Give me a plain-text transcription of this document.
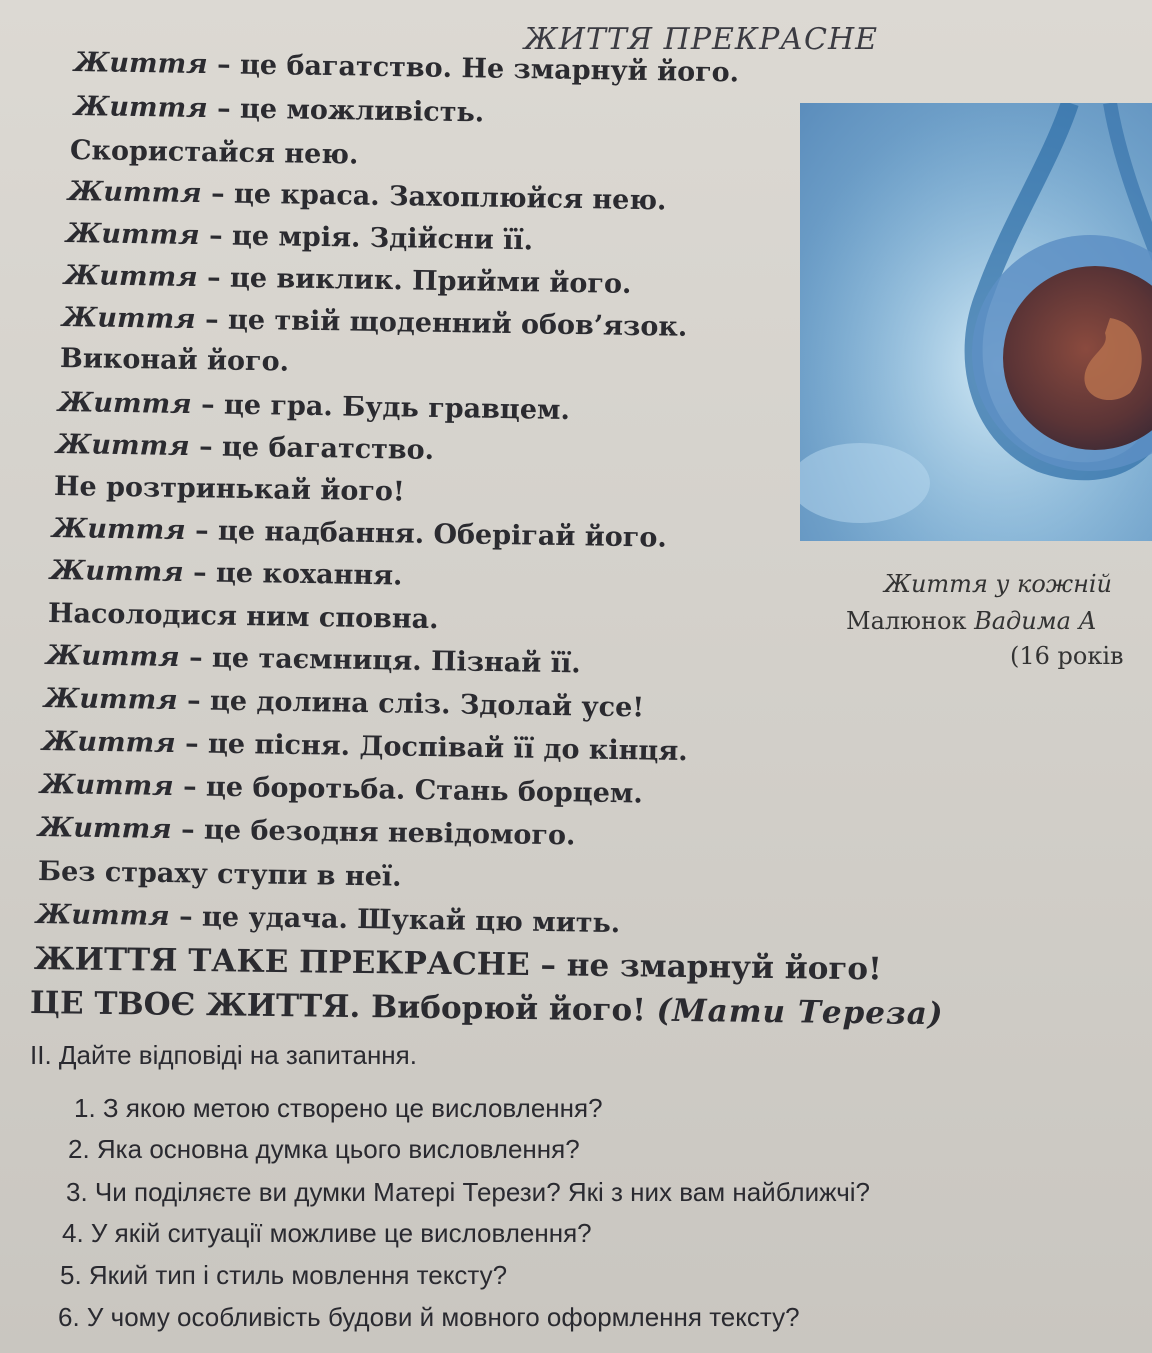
ЖИТТЯ ПРЕКРАСНЕ
Життя – це багатство. Не змарнуй його.
Життя – це можливість.
Скористайся нею.
Життя – це краса. Захоплюйся нею.
Життя – це мрія. Здійсни її.
Життя – це виклик. Прийми його.
Життя – це твій щоденний обов’язок.
Виконай його.
Життя – це гра. Будь гравцем.
Життя – це багатство.
Не розтринькай його!
Життя – це надбання. Оберігай його.
Життя – це кохання.
Насолодися ним сповна.
Життя – це таємниця. Пізнай її.
Життя – це долина сліз. Здолай усе!
Життя – це пісня. Доспівай її до кінця.
Життя – це боротьба. Стань борцем.
Життя – це безодня невідомого.
Без страху ступи в неї.
Життя – це удача. Шукай цю мить.
ЖИТТЯ ТАКЕ ПРЕКРАСНЕ – не змарнуй його!
ЦЕ ТВОЄ ЖИТТЯ. Виборюй його! (Мати Тереза)
Життя у кожній
Малюнок Вадима А
(16 років
ІІ. Дайте відповіді на запитання.
1. З якою метою створено це висловлення?
2. Яка основна думка цього висловлення?
3. Чи поділяєте ви думки Матері Терези? Які з них вам найближчі?
4. У якій ситуації можливе це висловлення?
5. Який тип і стиль мовлення тексту?
6. У чому особливість будови й мовного оформлення тексту?
